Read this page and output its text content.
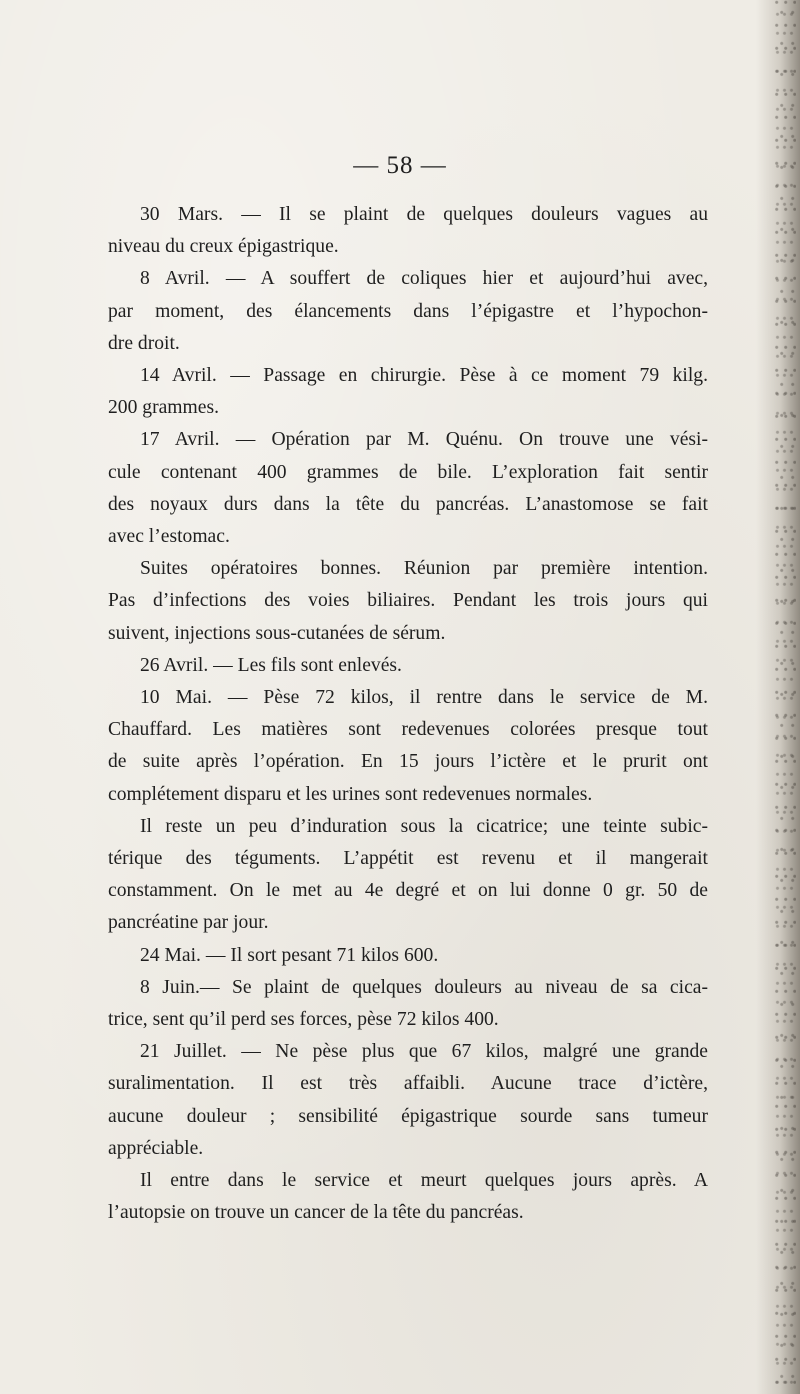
— 58 —
30 Mars. — Il se plaint de quelques douleurs vagues au
niveau du creux épigastrique.
8 Avril. — A souffert de coliques hier et aujourd’hui avec,
par moment, des élancements dans l’épigastre et l’hypochon-
dre droit.
14 Avril. — Passage en chirurgie. Pèse à ce moment 79 kilg.
200 grammes.
17 Avril. — Opération par M. Quénu. On trouve une vési-
cule contenant 400 grammes de bile. L’exploration fait sentir
des noyaux durs dans la tête du pancréas. L’anastomose se fait
avec l’estomac.
Suites opératoires bonnes. Réunion par première intention.
Pas d’infections des voies biliaires. Pendant les trois jours qui
suivent, injections sous-cutanées de sérum.
26 Avril. — Les fils sont enlevés.
10 Mai. — Pèse 72 kilos, il rentre dans le service de M.
Chauffard. Les matières sont redevenues colorées presque tout
de suite après l’opération. En 15 jours l’ictère et le prurit ont
complétement disparu et les urines sont redevenues normales.
Il reste un peu d’induration sous la cicatrice; une teinte subic-
térique des téguments. L’appétit est revenu et il mangerait
constamment. On le met au 4e degré et on lui donne 0 gr. 50 de
pancréatine par jour.
24 Mai. — Il sort pesant 71 kilos 600.
8 Juin.— Se plaint de quelques douleurs au niveau de sa cica-
trice, sent qu’il perd ses forces, pèse 72 kilos 400.
21 Juillet. — Ne pèse plus que 67 kilos, malgré une grande
suralimentation. Il est très affaibli. Aucune trace d’ictère,
aucune douleur ; sensibilité épigastrique sourde sans tumeur
appréciable.
Il entre dans le service et meurt quelques jours après. A
l’autopsie on trouve un cancer de la tête du pancréas.
